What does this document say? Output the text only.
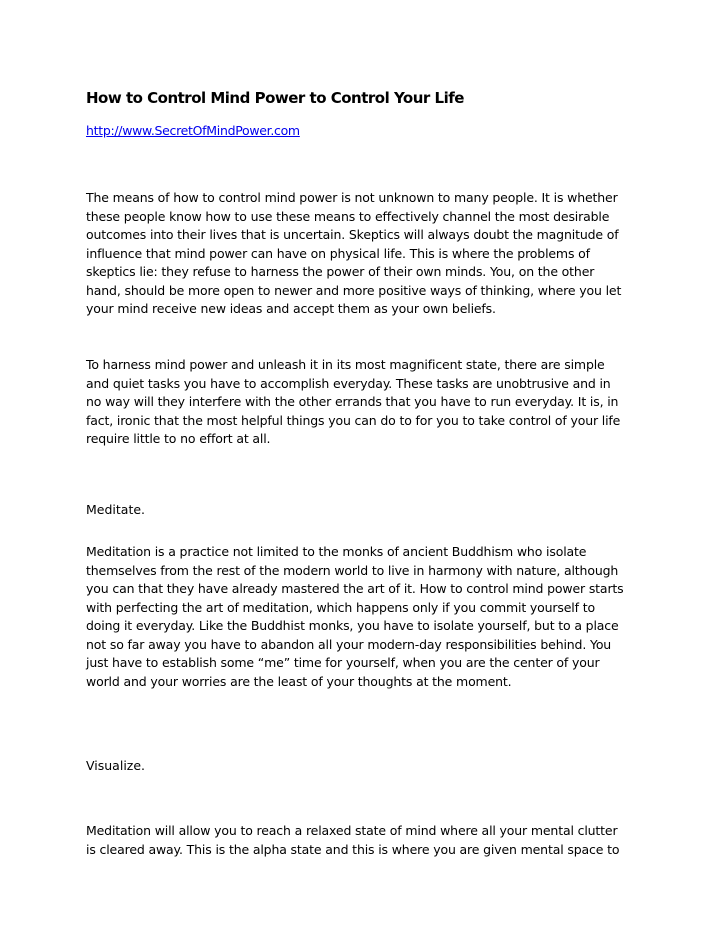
How to Control Mind Power to Control Your Life
http://www.SecretOfMindPower.com
The means of how to control mind power is not unknown to many people. It is whether
these people know how to use these means to effectively channel the most desirable
outcomes into their lives that is uncertain. Skeptics will always doubt the magnitude of
influence that mind power can have on physical life. This is where the problems of
skeptics lie: they refuse to harness the power of their own minds. You, on the other
hand, should be more open to newer and more positive ways of thinking, where you let
your mind receive new ideas and accept them as your own beliefs.
To harness mind power and unleash it in its most magnificent state, there are simple
and quiet tasks you have to accomplish everyday. These tasks are unobtrusive and in
no way will they interfere with the other errands that you have to run everyday. It is, in
fact, ironic that the most helpful things you can do to for you to take control of your life
require little to no effort at all.

Meditate.

Meditation is a practice not limited to the monks of ancient Buddhism who isolate
themselves from the rest of the modern world to live in harmony with nature, although
you can that they have already mastered the art of it. How to control mind power starts
with perfecting the art of meditation, which happens only if you commit yourself to
doing it everyday. Like the Buddhist monks, you have to isolate yourself, but to a place
not so far away you have to abandon all your modern-day responsibilities behind. You
just have to establish some “me” time for yourself, when you are the center of your
world and your worries are the least of your thoughts at the moment.

Visualize.

Meditation will allow you to reach a relaxed state of mind where all your mental clutter
is cleared away. This is the alpha state and this is where you are given mental space to
